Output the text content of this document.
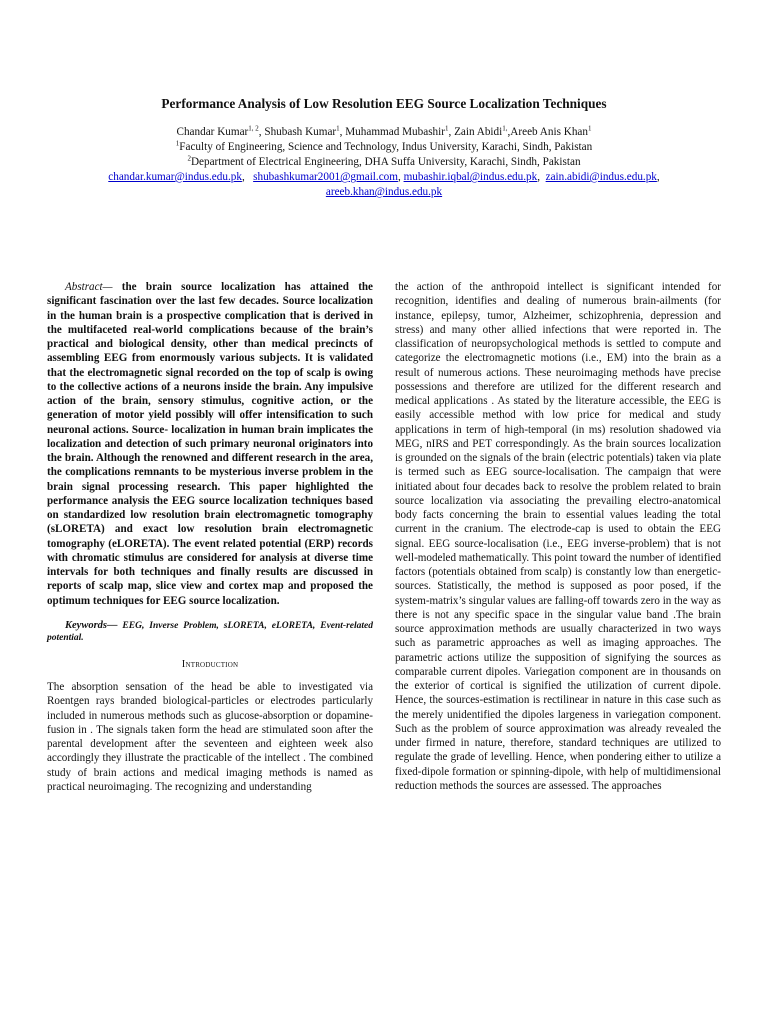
Performance Analysis of Low Resolution EEG Source Localization Techniques
Chandar Kumar$^{1, 2}$, Shubash Kumar$^1$, Muhammad Mubashir$^1$, Zain Abidi$^{1,}$,Areeb Anis Khan$^1$
$^1$Faculty of Engineering, Science and Technology, Indus University, Karachi, Sindh, Pakistan
$^2$Department of Electrical Engineering, DHA Suffa University, Karachi, Sindh, Pakistan
chandar.kumar@indus.edu.pk,   shubashkumar2001@gmail.com, mubashir.iqbal@indus.edu.pk,  zain.abidi@indus.edu.pk,
areeb.khan@indus.edu.pk

Abstract— the brain source localization has attained the significant fascination over the last few decades. Source localization in the human brain is a prospective complication that is derived in the multifaceted real-world complications because of the brain’s practical and biological density, other than medical precincts of assembling EEG from enormously various subjects. It is validated that the electromagnetic signal recorded on the top of scalp is owing to the collective actions of a neurons inside the brain. Any impulsive action of the brain, sensory stimulus, cognitive action, or the generation of motor yield possibly will offer intensification to such neuronal actions. Source- localization in human brain implicates the localization and detection of such primary neuronal originators into the brain. Although the renowned and different research in the area, the complications remnants to be mysterious inverse problem in the brain signal processing research. This paper highlighted the performance analysis the EEG source localization techniques based on standardized low resolution brain electromagnetic tomography (sLORETA) and exact low resolution brain electromagnetic tomography (eLORETA). The event related potential (ERP) records with chromatic stimulus are considered for analysis at diverse time intervals for both techniques and finally results are discussed in reports of scalp map, slice view and cortex map and proposed the optimum techniques for EEG source localization.

Keywords— EEG, Inverse Problem, sLORETA, eLORETA, Event-related potential.

Introduction

The absorption sensation of the head be able to investigated via Roentgen rays branded biological-particles or electrodes particularly included in numerous methods such as glucose-absorption or dopamine-fusion in . The signals taken form the head are stimulated soon after the parental development after the seventeen and eighteen week also accordingly they illustrate the practicable of the intellect . The combined study of brain actions and medical imaging methods is named as practical neuroimaging. The recognizing and understanding

the action of the anthropoid intellect is significant intended for recognition, identifies and dealing of numerous brain-ailments (for instance, epilepsy, tumor, Alzheimer, schizophrenia, depression and stress) and many other allied infections that were reported in. The classification of neuropsychological methods is settled to compute and categorize the electromagnetic motions (i.e., EM) into the brain as a result of numerous actions. These neuroimaging methods have precise possessions and therefore are utilized for the different research and medical applications . As stated by the literature accessible, the EEG is easily accessible method with low price for medical and study applications in term of high-temporal (in ms) resolution shadowed via MEG, nIRS and PET correspondingly. As the brain sources localization is grounded on the signals of the brain (electric potentials) taken via plate is termed such as EEG source-localisation. The campaign that were initiated about four decades back to resolve the problem related to brain source localization via associating the prevailing electro-anatomical body facts concerning the brain to essential values leading the total current in the cranium. The electrode-cap is used to obtain the EEG signal. EEG source-localisation (i.e., EEG inverse-problem) that is not well-modeled mathematically. This point toward the number of identified factors (potentials obtained from scalp) is constantly low than energetic-sources. Statistically, the method is supposed as poor posed, if the system-matrix’s singular values are falling-off towards zero in the way as there is not any specific space in the singular value band .The brain source approximation methods are usually characterized in two ways such as parametric approaches as well as imaging approaches. The parametric actions utilize the supposition of signifying the sources as comparable current dipoles. Variegation component are in thousands on the exterior of cortical is signified the utilization of current dipole. Hence, the sources-estimation is rectilinear in nature in this case such as the merely unidentified the dipoles largeness in variegation component. Such as the problem of source approximation was already revealed the under firmed in nature, therefore, standard techniques are utilized to regulate the grade of levelling. Hence, when pondering either to utilize a fixed-dipole formation or spinning-dipole, with help of multidimensional reduction methods the sources are assessed. The approaches
